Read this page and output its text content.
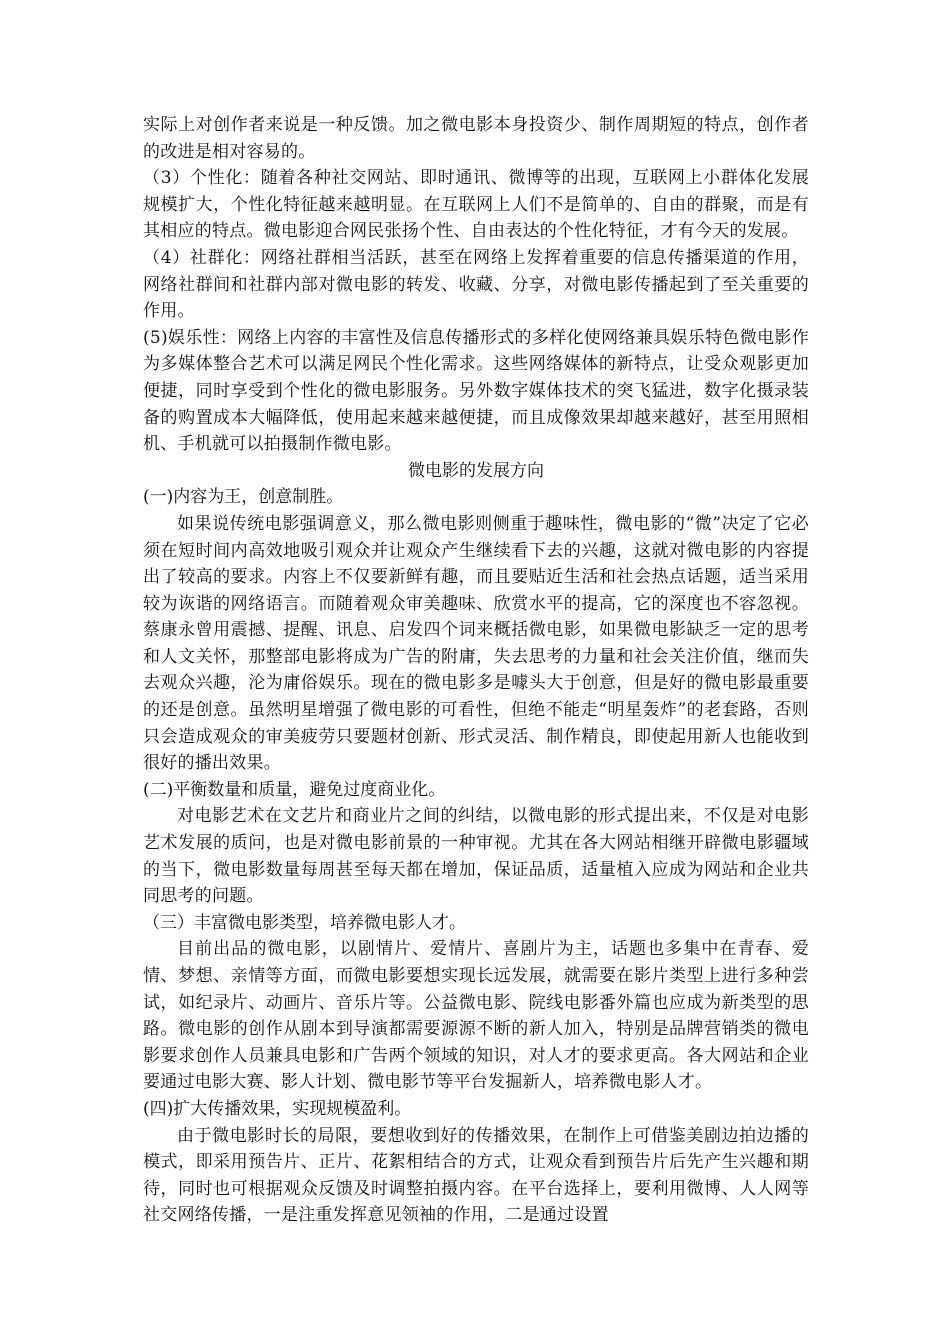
实际上对创作者来说是一种反馈。加之微电影本身投资少、制作周期短的特点，创作者的改进是相对容易的。

（3）个性化：随着各种社交网站、即时通讯、微博等的出现，互联网上小群体化发展规模扩大，个性化特征越来越明显。在互联网上人们不是简单的、自由的群聚，而是有其相应的特点。微电影迎合网民张扬个性、自由表达的个性化特征，才有今天的发展。

（4）社群化：网络社群相当活跃，甚至在网络上发挥着重要的信息传播渠道的作用，网络社群间和社群内部对微电影的转发、收藏、分享，对微电影传播起到了至关重要的作用。

(5)娱乐性：网络上内容的丰富性及信息传播形式的多样化使网络兼具娱乐特色微电影作为多媒体整合艺术可以满足网民个性化需求。这些网络媒体的新特点，让受众观影更加便捷，同时享受到个性化的微电影服务。另外数字媒体技术的突飞猛进，数字化摄录装备的购置成本大幅降低，使用起来越来越便捷，而且成像效果却越来越好，甚至用照相机、手机就可以拍摄制作微电影。

微电影的发展方向

(一)内容为王，创意制胜。

如果说传统电影强调意义，那么微电影则侧重于趣味性，微电影的“微”决定了它必须在短时间内高效地吸引观众并让观众产生继续看下去的兴趣，这就对微电影的内容提出了较高的要求。内容上不仅要新鲜有趣，而且要贴近生活和社会热点话题，适当采用较为诙谐的网络语言。而随着观众审美趣味、欣赏水平的提高，它的深度也不容忽视。蔡康永曾用震撼、提醒、讯息、启发四个词来概括微电影，如果微电影缺乏一定的思考和人文关怀，那整部电影将成为广告的附庸，失去思考的力量和社会关注价值，继而失去观众兴趣，沦为庸俗娱乐。现在的微电影多是噱头大于创意，但是好的微电影最重要的还是创意。虽然明星增强了微电影的可看性，但绝不能走“明星轰炸”的老套路，否则只会造成观众的审美疲劳只要题材创新、形式灵活、制作精良，即使起用新人也能收到很好的播出效果。

(二)平衡数量和质量，避免过度商业化。

对电影艺术在文艺片和商业片之间的纠结，以微电影的形式提出来，不仅是对电影艺术发展的质问，也是对微电影前景的一种审视。尤其在各大网站相继开辟微电影疆域的当下，微电影数量每周甚至每天都在增加，保证品质，适量植入应成为网站和企业共同思考的问题。

（三）丰富微电影类型，培养微电影人才。

目前出品的微电影，以剧情片、爱情片、喜剧片为主，话题也多集中在青春、爱情、梦想、亲情等方面，而微电影要想实现长远发展，就需要在影片类型上进行多种尝试，如纪录片、动画片、音乐片等。公益微电影、院线电影番外篇也应成为新类型的思路。微电影的创作从剧本到导演都需要源源不断的新人加入，特别是品牌营销类的微电影要求创作人员兼具电影和广告两个领域的知识，对人才的要求更高。各大网站和企业要通过电影大赛、影人计划、微电影节等平台发掘新人，培养微电影人才。

(四)扩大传播效果，实现规模盈利。

由于微电影时长的局限，要想收到好的传播效果，在制作上可借鉴美剧边拍边播的模式，即采用预告片、正片、花絮相结合的方式，让观众看到预告片后先产生兴趣和期待，同时也可根据观众反馈及时调整拍摄内容。在平台选择上，要利用微博、人人网等社交网络传播，一是注重发挥意见领袖的作用，二是通过设置
